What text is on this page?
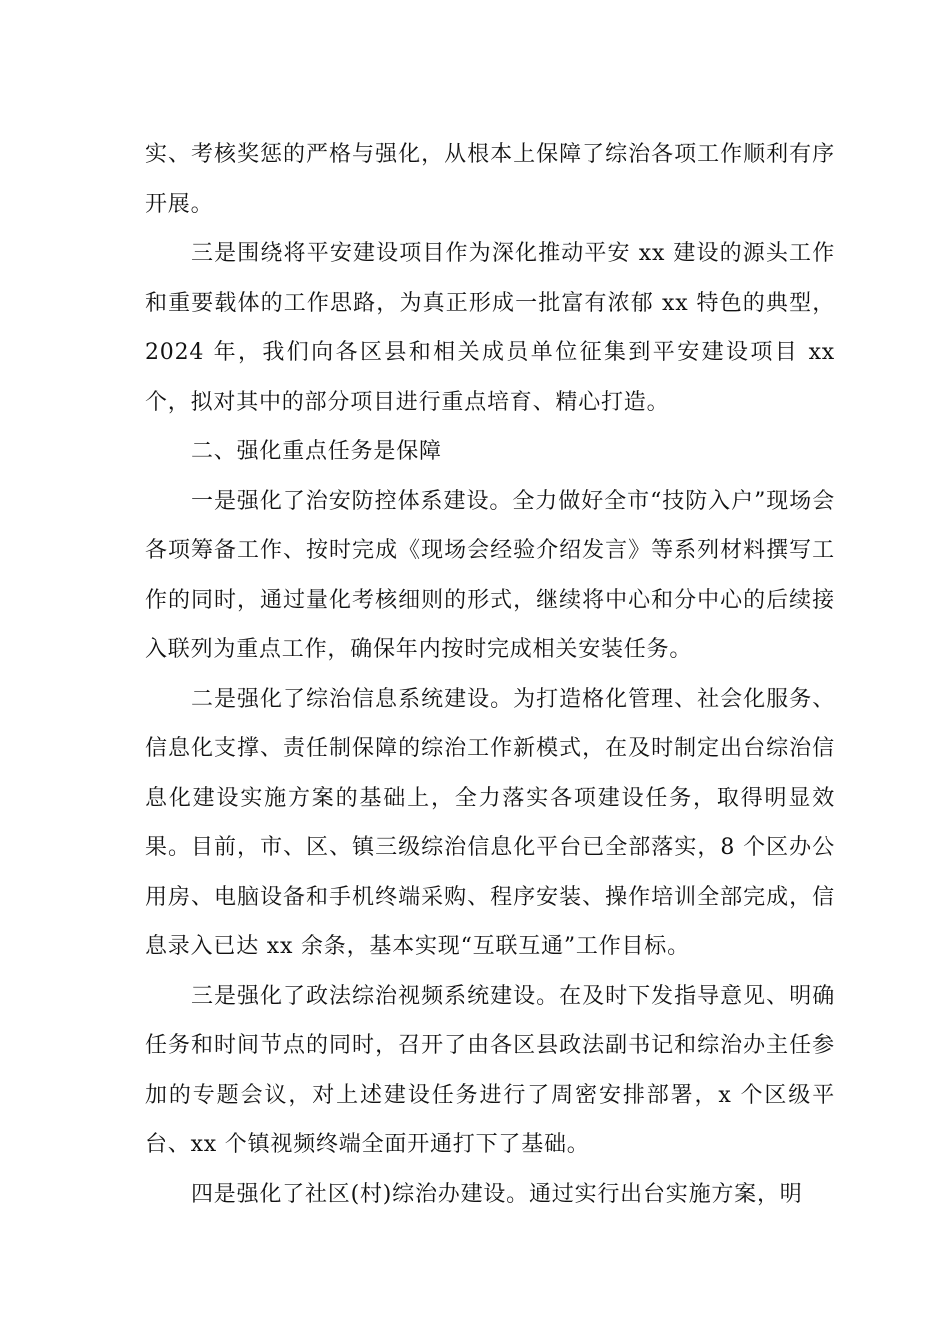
实、考核奖惩的严格与强化，从根本上保障了综治各项工作顺利有序开展。

三是围绕将平安建设项目作为深化推动平安 xx 建设的源头工作和重要载体的工作思路，为真正形成一批富有浓郁 xx 特色的典型，2024 年，我们向各区县和相关成员单位征集到平安建设项目 xx 个，拟对其中的部分项目进行重点培育、精心打造。

二、强化重点任务是保障

一是强化了治安防控体系建设。全力做好全市“技防入户”现场会各项筹备工作、按时完成《现场会经验介绍发言》等系列材料撰写工作的同时，通过量化考核细则的形式，继续将中心和分中心的后续接入联列为重点工作，确保年内按时完成相关安装任务。

二是强化了综治信息系统建设。为打造格化管理、社会化服务、信息化支撑、责任制保障的综治工作新模式，在及时制定出台综治信息化建设实施方案的基础上，全力落实各项建设任务，取得明显效果。目前，市、区、镇三级综治信息化平台已全部落实，8 个区办公用房、电脑设备和手机终端采购、程序安装、操作培训全部完成，信息录入已达 xx 余条，基本实现“互联互通”工作目标。

三是强化了政法综治视频系统建设。在及时下发指导意见、明确任务和时间节点的同时，召开了由各区县政法副书记和综治办主任参加的专题会议，对上述建设任务进行了周密安排部署，x 个区级平台、xx 个镇视频终端全面开通打下了基础。

四是强化了社区(村)综治办建设。通过实行出台实施方案，明
